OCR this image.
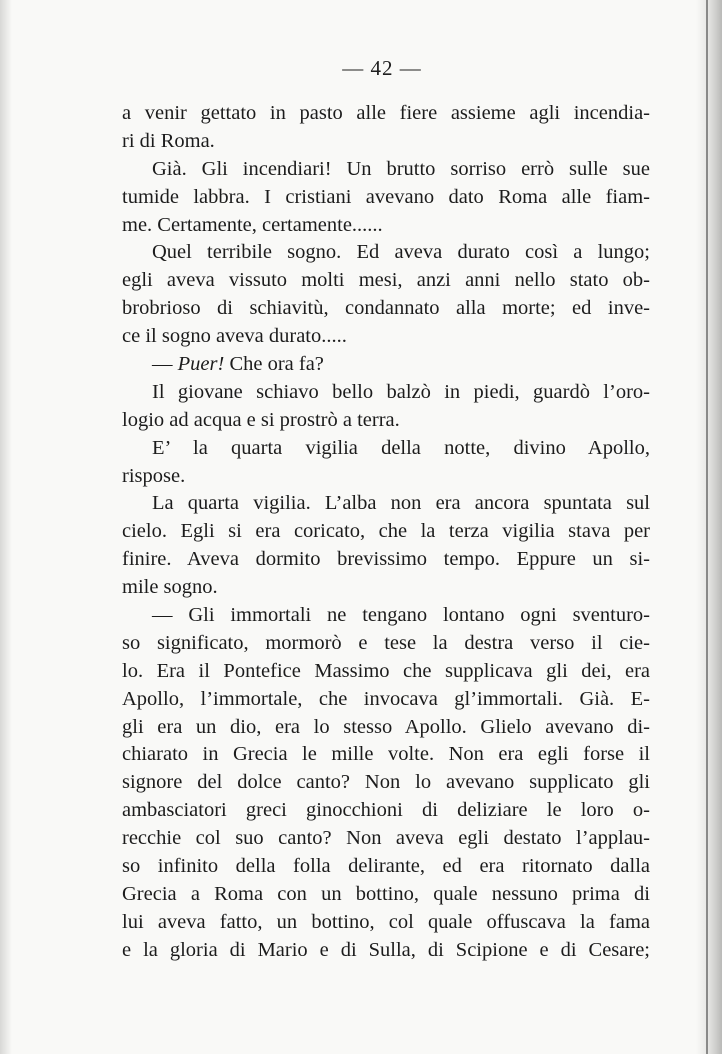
— 42 —
a venir gettato in pasto alle fiere assieme agli incendia-
ri di Roma.
Già. Gli incendiari! Un brutto sorriso errò sulle sue
tumide labbra. I cristiani avevano dato Roma alle fiam-
me. Certamente, certamente......
Quel terribile sogno. Ed aveva durato così a lungo;
egli aveva vissuto molti mesi, anzi anni nello stato ob-
brobrioso di schiavitù, condannato alla morte; ed inve-
ce il sogno aveva durato.....
— Puer! Che ora fa?
Il giovane schiavo bello balzò in piedi, guardò l’oro-
logio ad acqua e si prostrò a terra.
E’ la quarta vigilia della notte, divino Apollo,
rispose.
La quarta vigilia. L’alba non era ancora spuntata sul
cielo. Egli si era coricato, che la terza vigilia stava per
finire. Aveva dormito brevissimo tempo. Eppure un si-
mile sogno.
— Gli immortali ne tengano lontano ogni sventuro-
so significato, mormorò e tese la destra verso il cie-
lo. Era il Pontefice Massimo che supplicava gli dei, era
Apollo, l’immortale, che invocava gl’immortali. Già. E-
gli era un dio, era lo stesso Apollo. Glielo avevano di-
chiarato in Grecia le mille volte. Non era egli forse il
signore del dolce canto? Non lo avevano supplicato gli
ambasciatori greci ginocchioni di deliziare le loro o-
recchie col suo canto? Non aveva egli destato l’applau-
so infinito della folla delirante, ed era ritornato dalla
Grecia a Roma con un bottino, quale nessuno prima di
lui aveva fatto, un bottino, col quale offuscava la fama
e la gloria di Mario e di Sulla, di Scipione e di Cesare;
